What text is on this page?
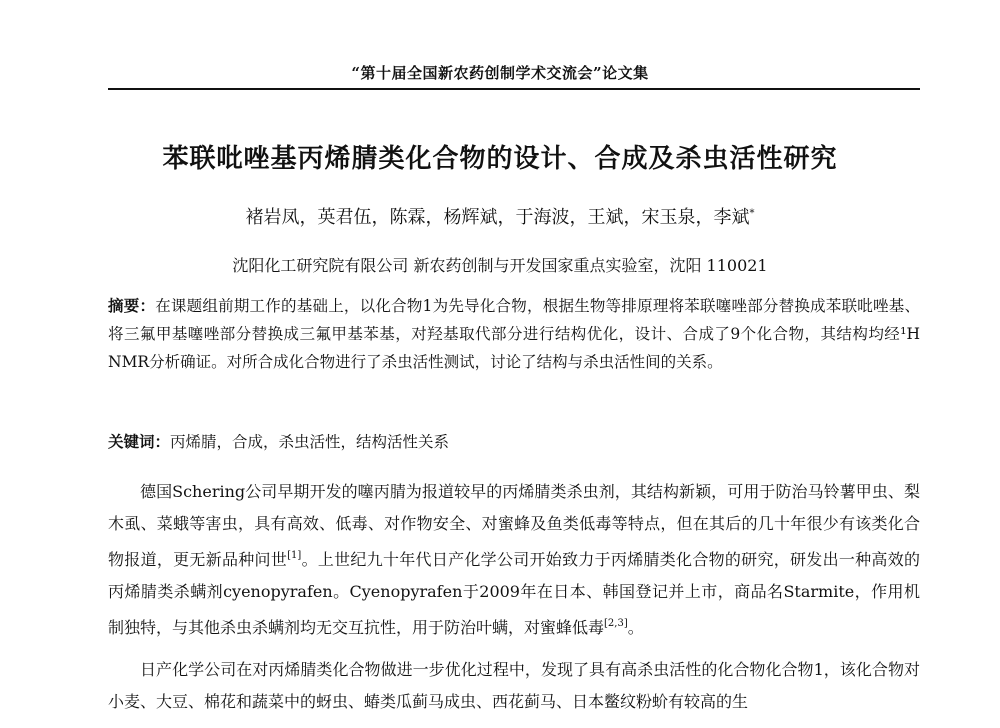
“第十届全国新农药创制学术交流会”论文集
苯联吡唑基丙烯腈类化合物的设计、合成及杀虫活性研究
褚岩凤，英君伍，陈霖，杨辉斌，于海波，王斌，宋玉泉，李斌*
沈阳化工研究院有限公司 新农药创制与开发国家重点实验室，沈阳 110021
摘要：在课题组前期工作的基础上，以化合物1为先导化合物，根据生物等排原理将苯联噻唑部分替换成苯联吡唑基、将三氟甲基噻唑部分替换成三氟甲基苯基，对羟基取代部分进行结构优化，设计、合成了9个化合物，其结构均经¹H NMR分析确证。对所合成化合物进行了杀虫活性测试，讨论了结构与杀虫活性间的关系。
关键词：丙烯腈，合成，杀虫活性，结构活性关系

德国Schering公司早期开发的噻丙腈为报道较早的丙烯腈类杀虫剂，其结构新颖，可用于防治马铃薯甲虫、梨木虱、菜蛾等害虫，具有高效、低毒、对作物安全、对蜜蜂及鱼类低毒等特点，但在其后的几十年很少有该类化合物报道，更无新品种问世[1]。上世纪九十年代日产化学公司开始致力于丙烯腈类化合物的研究，研发出一种高效的丙烯腈类杀螨剂cyenopyrafen。Cyenopyrafen于2009年在日本、韩国登记并上市，商品名Starmite，作用机制独特，与其他杀虫杀螨剂均无交互抗性，用于防治叶螨，对蜜蜂低毒[2,3]。

日产化学公司在对丙烯腈类化合物做进一步优化过程中，发现了具有高杀虫活性的化合物化合物1，该化合物对小麦、大豆、棉花和蔬菜中的蚜虫、蝽类瓜蓟马成虫、西花蓟马、日本鳖纹粉蚧有较高的生
